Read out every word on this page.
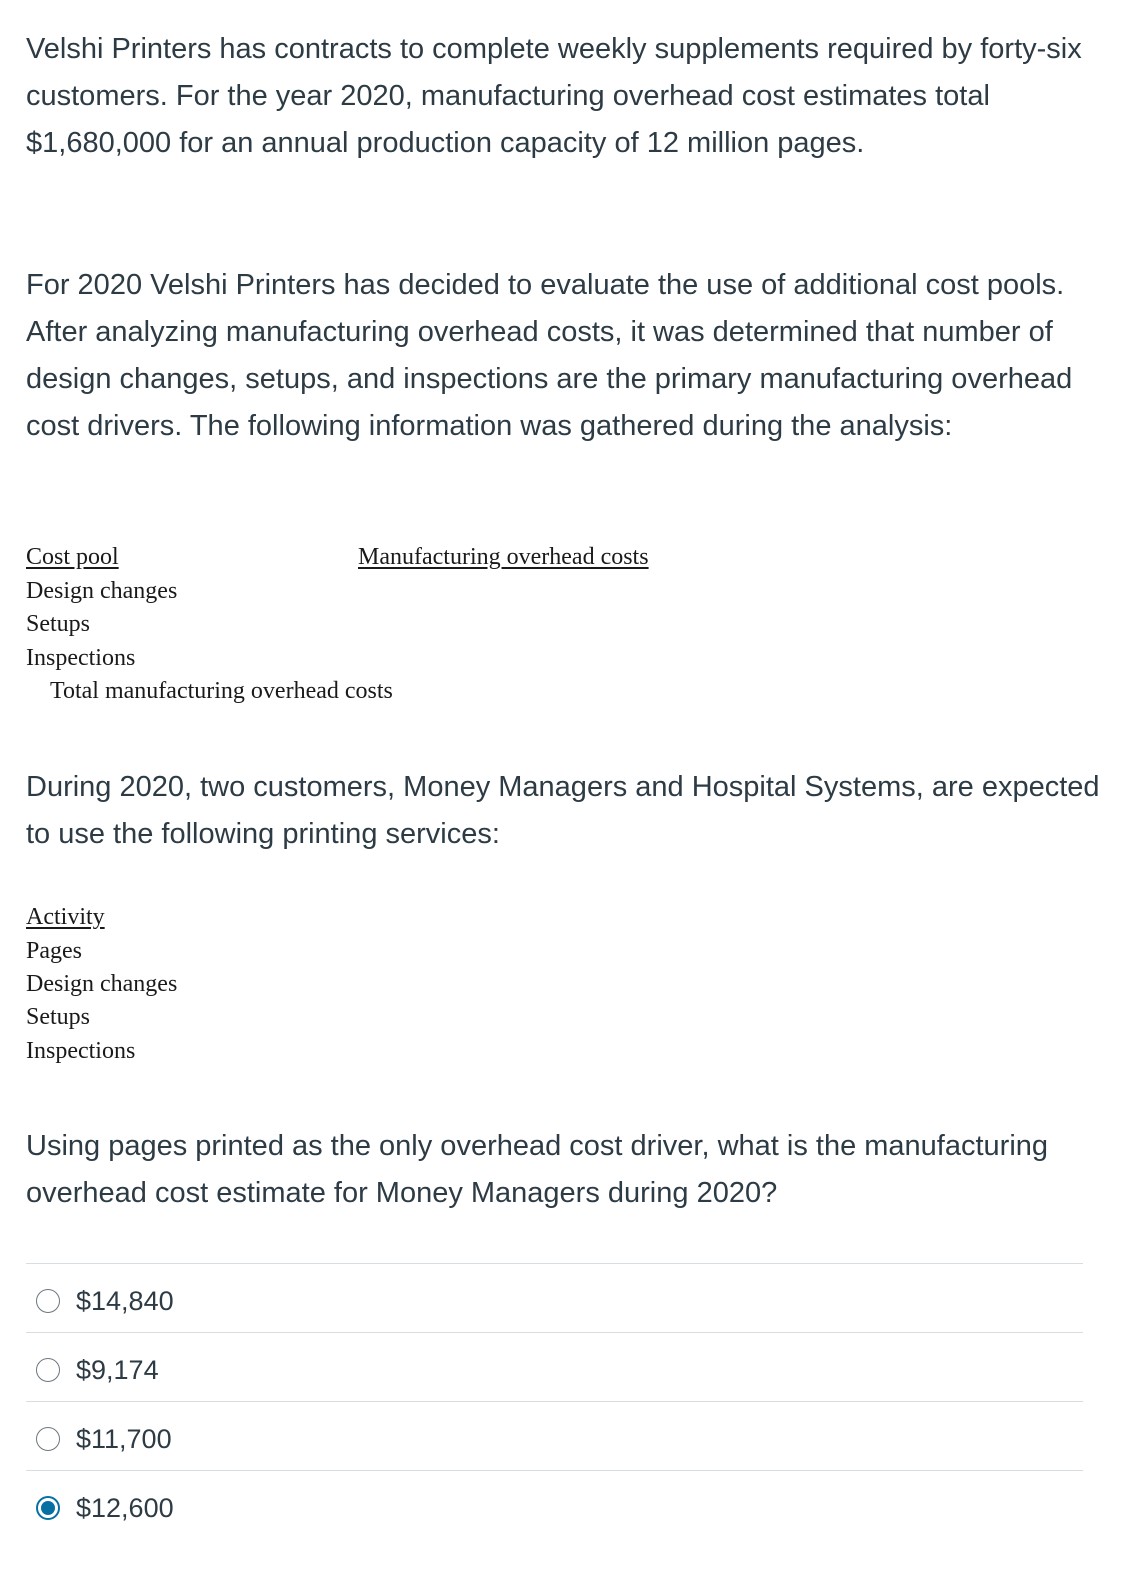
Velshi Printers has contracts to complete weekly supplements required by forty-six customers. For the year 2020, manufacturing overhead cost estimates total $1,680,000 for an annual production capacity of 12 million pages.

For 2020 Velshi Printers has decided to evaluate the use of additional cost pools. After analyzing manufacturing overhead costs, it was determined that number of design changes, setups, and inspections are the primary manufacturing overhead cost drivers. The following information was gathered during the analysis:

Cost pool	Manufacturing overhead costs
Design changes
Setups
Inspections
Total manufacturing overhead costs

During 2020, two customers, Money Managers and Hospital Systems, are expected to use the following printing services:

Activity
Pages
Design changes
Setups
Inspections

Using pages printed as the only overhead cost driver, what is the manufacturing overhead cost estimate for Money Managers during 2020?

$14,840
$9,174
$11,700
$12,600
